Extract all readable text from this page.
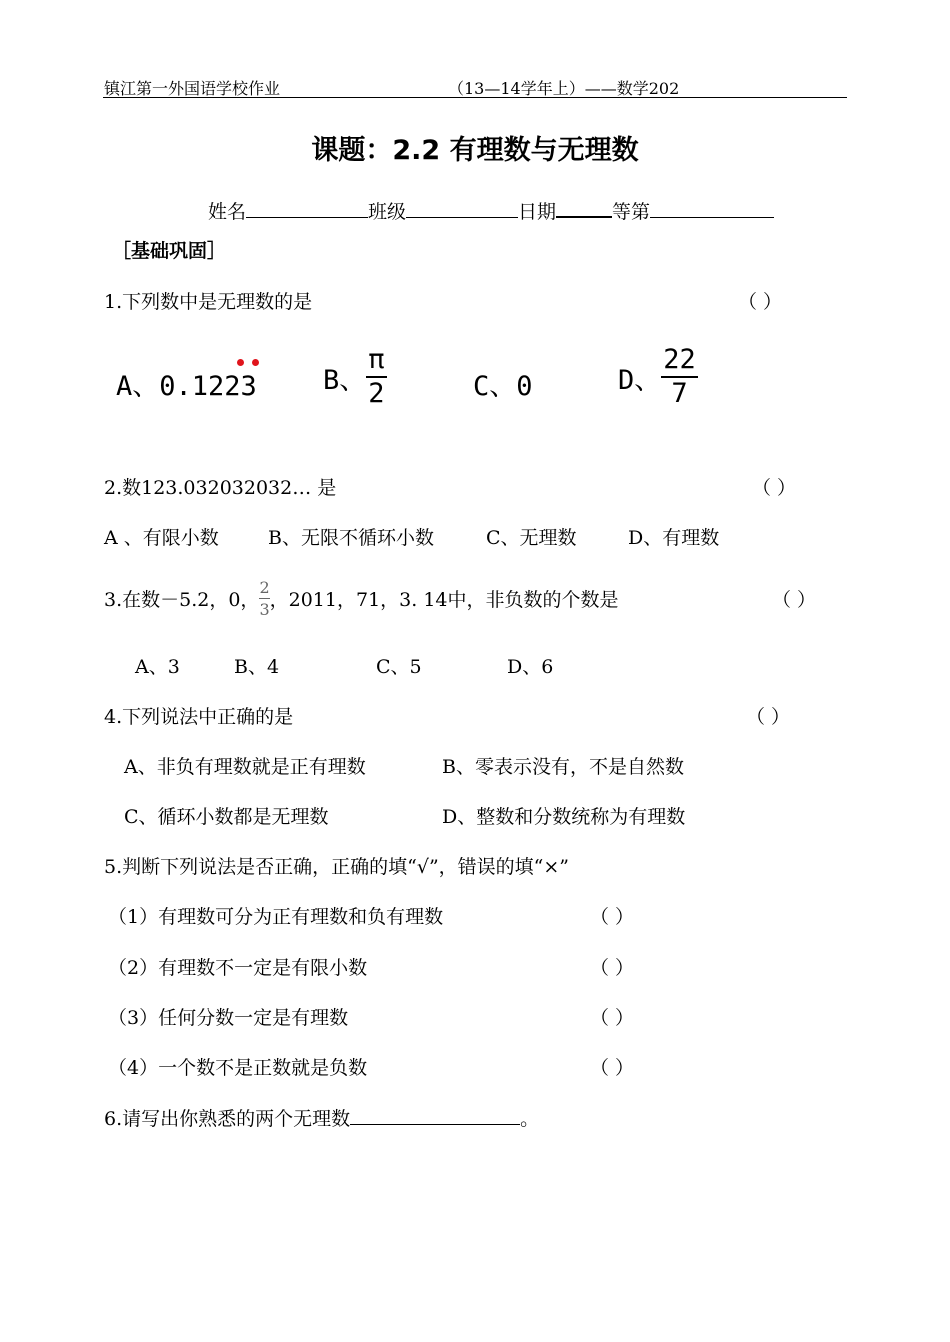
镇江第一外国语学校作业	（13—14学年上）——数学202
课题：2.2 有理数与无理数
姓名	班级	日期	等第
［基础巩固］
1.下列数中是无理数的是	（ ）
A、0.1223 B、 $\frac{\pi}{2}$	C、0	D、 $\frac{22}{7}$
2.数123.032032032… 是	（ ）
A 、有限小数	B、无限不循环小数	C、无理数	D、有理数
3.在数－5.2，0， $\frac{2}{3}$ ，2011，71，3. 14中，非负数的个数是	（ ）
A、3	B、4	C、5	D、6
4.下列说法中正确的是	（ ）
A、非负有理数就是正有理数	B、零表示没有，不是自然数
C、循环小数都是无理数	D、整数和分数统称为有理数
5.判断下列说法是否正确，正确的填“√”，错误的填“×”
（1）有理数可分为正有理数和负有理数	（ ）
（2）有理数不一定是有限小数	（ ）
（3）任何分数一定是有理数	（ ）
（4）一个数不是正数就是负数	（ ）
6.请写出你熟悉的两个无理数	。
